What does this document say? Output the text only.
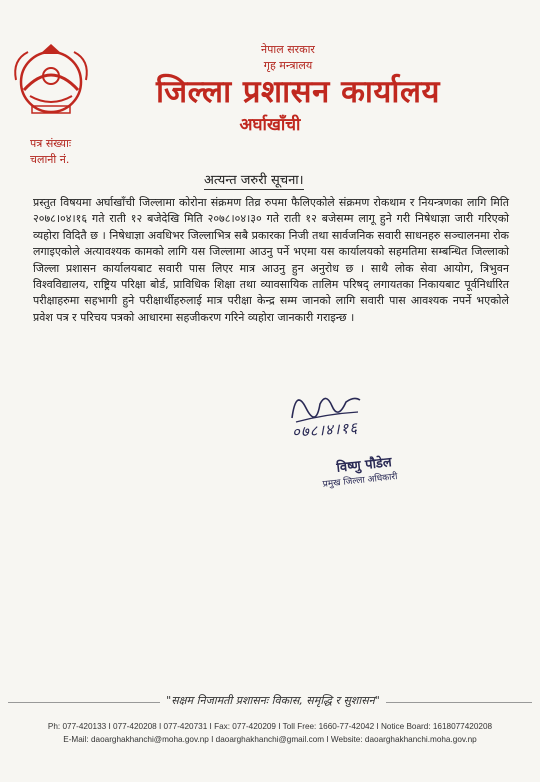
नेपाल सरकार
गृह मन्त्रालय
जिल्ला प्रशासन कार्यालय
अर्घाखाँची
पत्र संख्याः
चलानी नं.
अत्यन्त जरुरी सूचना।
प्रस्तुत विषयमा अर्घाखाँची जिल्लामा कोरोना संक्रमण तिव्र रुपमा फैलिएकोले संक्रमण रोकथाम र नियन्त्रणका लागि मिति २०७८।०४।१६ गते राती १२ बजेदेखि मिति २०७८।०४।३० गते राती १२ बजेसम्म लागू हुने गरी निषेधाज्ञा जारी गरिएको व्यहोरा विदितै छ । निषेधाज्ञा अवधिभर जिल्लाभित्र सबै प्रकारका निजी तथा सार्वजनिक सवारी साधनहरु सञ्चालनमा रोक लगाइएकोले अत्यावश्यक कामको लागि यस जिल्लामा आउनु पर्ने भएमा यस कार्यालयको सहमतिमा सम्बन्धित जिल्लाको जिल्ला प्रशासन कार्यालयबाट सवारी पास लिएर मात्र आउनु हुन अनुरोध छ । साथै लोक सेवा आयोग, त्रिभुवन विश्वविद्यालय, राष्ट्रिय परिक्षा बोर्ड, प्राविधिक शिक्षा तथा व्यावसायिक तालिम परिषद् लगायतका निकायबाट पूर्वनिर्धारित परीक्षाहरुमा सहभागी हुने परीक्षार्थीहरुलाई मात्र परीक्षा केन्द्र सम्म जानको लागि सवारी पास आवश्यक नपर्ने भएकोले प्रवेश पत्र र परिचय पत्रको आधारमा सहजीकरण गरिने व्यहोरा जानकारी गराइन्छ ।
०७८।४।१६
विष्णु पौडेल
प्रमुख जिल्ला अधिकारी
"सक्षम निजामती प्रशासनः विकास, समृद्धि र सुशासन"
Ph: 077-420133 I 077-420208 I 077-420731 I Fax: 077-420209 I Toll Free: 1660-77-42042 I Notice Board: 1618077420208
E-Mail: daoarghakhanchi@moha.gov.np I daoarghakhanchi@gmail.com I Website: daoarghakhanchi.moha.gov.np
